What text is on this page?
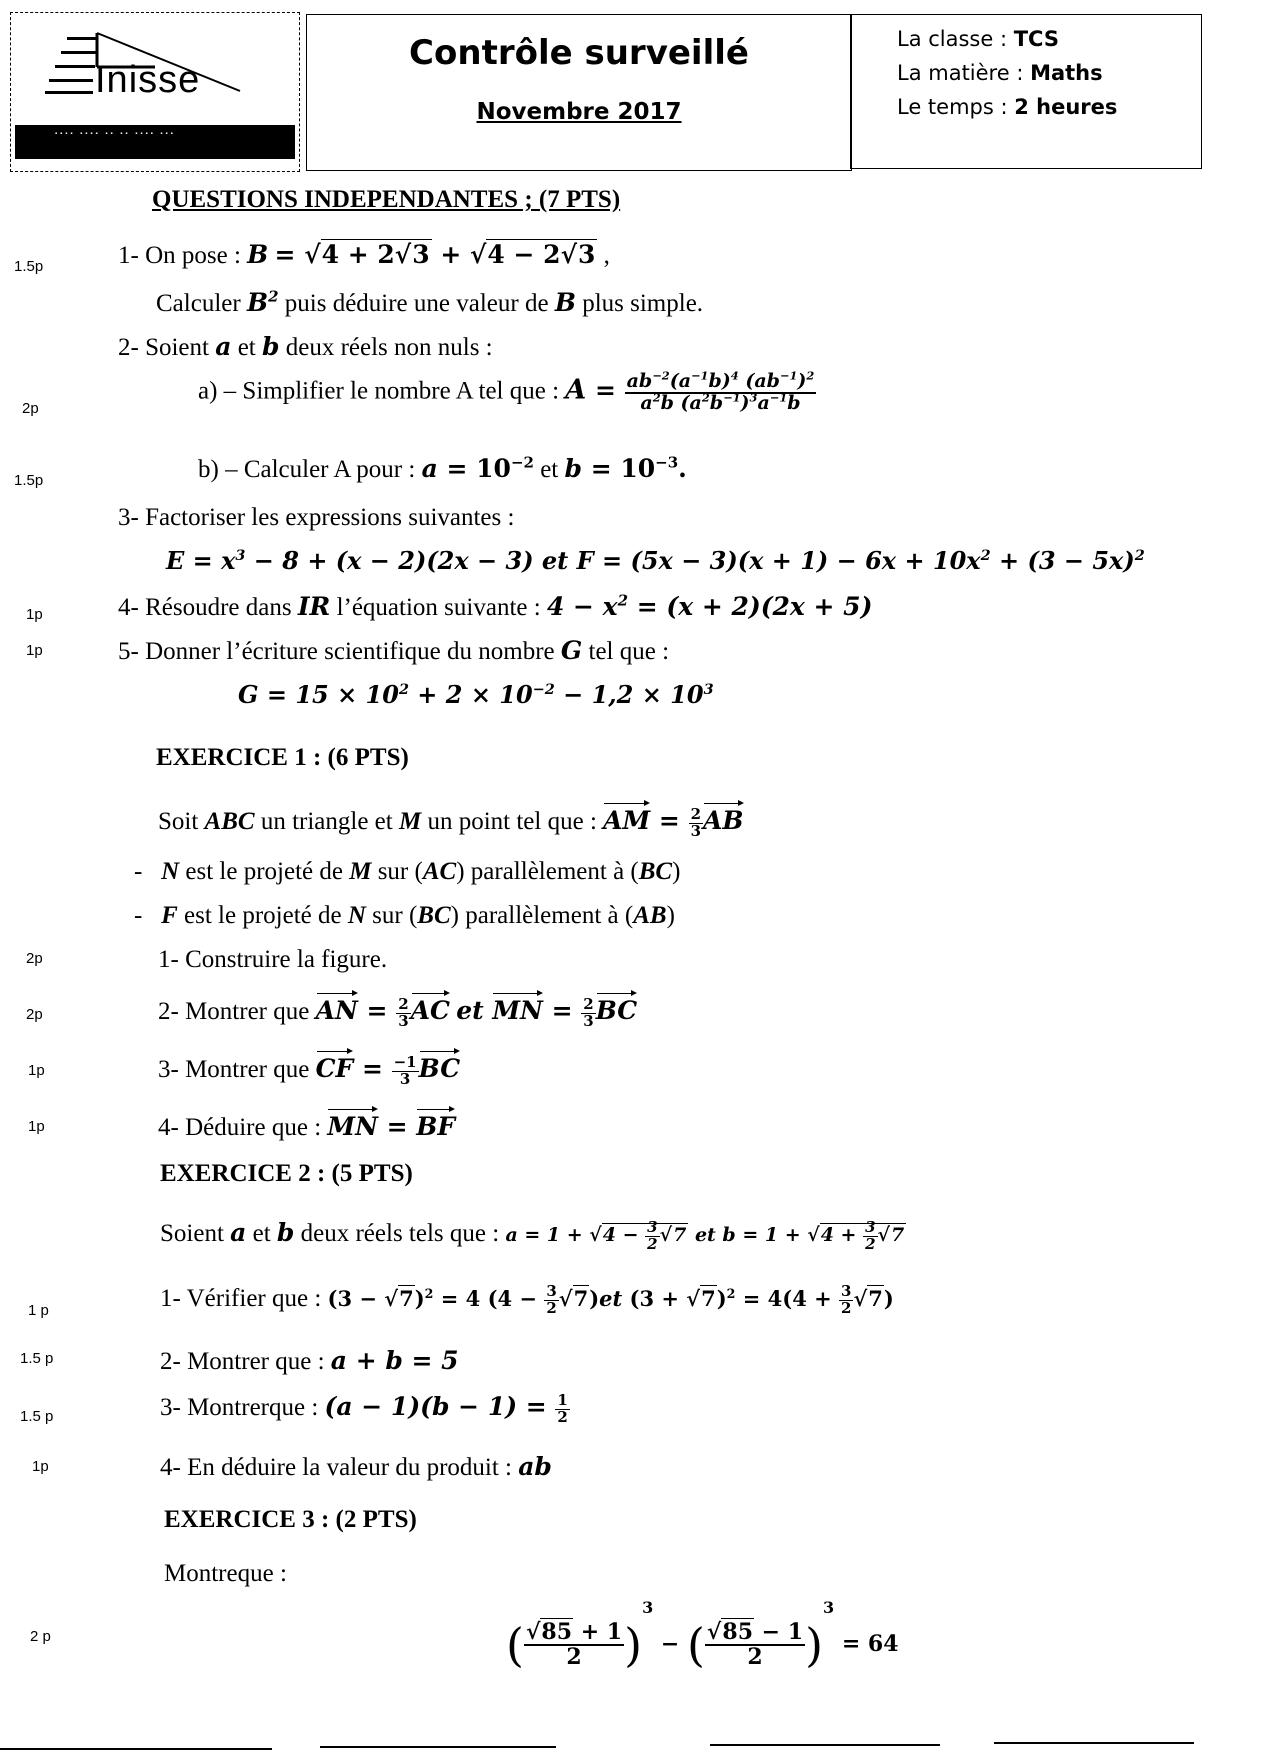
Inisse
▪▪▪▪ ▪▪▪▪ ▪▪ ▪▪ ▪▪▪▪ ▪▪▪
Contrôle surveillé
Novembre 2017
La classe : TCS
La matière : Maths
Le temps : 2 heures
QUESTIONS INDEPENDANTES ; (7 PTS)
1.5p	1- On pose : B = √4 + 2√3 + √4 − 2√3 ,
Calculer $B^2$ puis déduire une valeur de B plus simple.
2- Soient a et b deux réels non nuls :
2p
a) – Simplifier le nombre A tel que : $A = \frac{ab^{-2}(a^{-1}b)^4 (ab^{-1})^2}{a^2b (a^2b^{-1})^3a^{-1}b}$
1.5p	b) – Calculer A pour : $a = 10^{-2}$ et $b = 10^{-3}$.
3- Factoriser les expressions suivantes :
$E = x^3 - 8 + (x - 2)(2x - 3)$ et $F = (5x - 3)(x + 1) - 6x + 10x^2 + (3 - 5x)^2$
1p	4- Résoudre dans IR l’équation suivante : $4 - x^2 = (x + 2)(2x + 5)$
1p	5- Donner l’écriture scientifique du nombre G tel que :
$G = 15 \times 10^2 + 2 \times 10^{-2} - 1,2 \times 10^3$
EXERCICE 1 : (6 PTS)
Soit ABC un triangle et M un point tel que : AM = $\frac{2}{3}$ AB
-   N est le projeté de M sur (AC) parallèlement à (BC)
-   F est le projeté de N sur (BC) parallèlement à (AB)
2p	1- Construire la figure.
2p	2- Montrer que AN = $\frac{2}{3}$ AC et MN = $\frac{2}{3}$ BC
1p	3- Montrer que CF = $\frac{-1}{3}$ BC
1p	4- Déduire que : MN = BF
EXERCICE 2 : (5 PTS)
Soient a et b deux réels tels que : $a = 1 + √4 - \frac{3}{2} √7$ et $b = 1 + √4 + \frac{3}{2} √7$
1 p	1- Vérifier que : $(3 - √7)^2 = 4$ $(4 - \frac{3}{2} √7)et$ $(3 + √7)^2 = 4(4 + \frac{3}{2} √7)$
1.5 p	2- Montrer que : a + b = 5
1.5 p	3- Montrerque : $(a - 1)(b - 1) = \frac{1}{2}$
1p	4- En déduire la valeur du produit : ab
EXERCICE 3 : (2 PTS)
Montreque :
2 p	( $\frac{√85 + 1}{2} )^3$ − ( $\frac{√85 - 1}{2} )^3 = 64$
